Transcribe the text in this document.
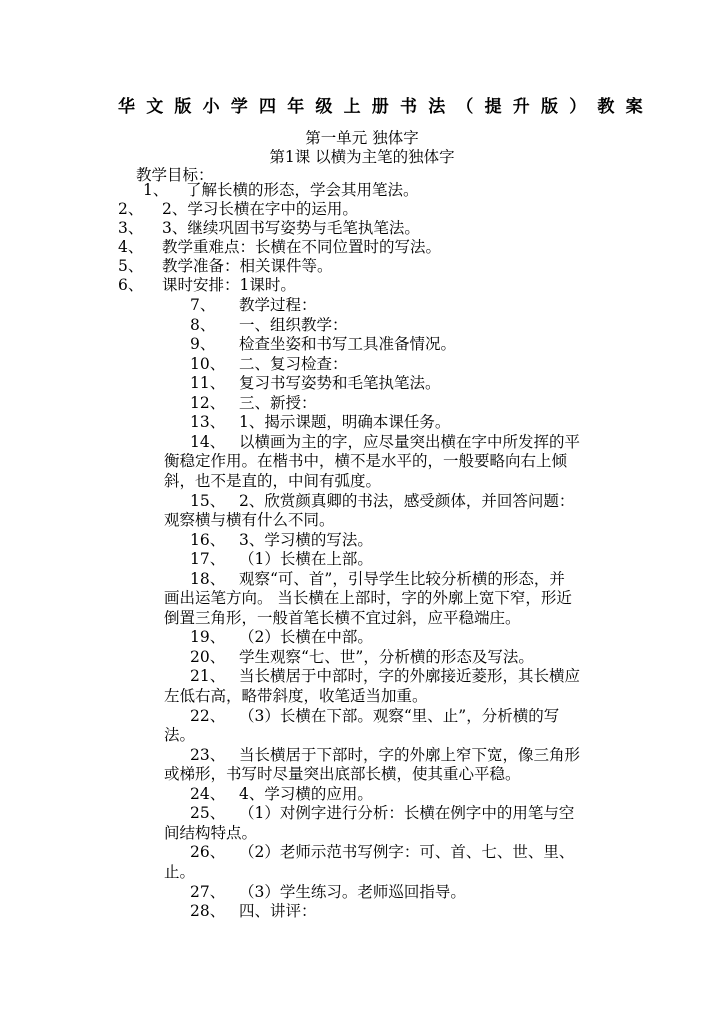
华文版小学四年级上册书法（提升版）教案
第一单元 独体字
第1课 以横为主笔的独体字
教学目标：
1、 了解长横的形态，学会其用笔法。
2、 2、学习长横在字中的运用。
3、 3、继续巩固书写姿势与毛笔执笔法。
4、 教学重难点：长横在不同位置时的写法。
5、 教学准备：相关课件等。
6、 课时安排：1课时。
7、 教学过程：
8、 一、组织教学：
9、 检查坐姿和书写工具准备情况。
10、 二、复习检查：
11、 复习书写姿势和毛笔执笔法。
12、 三、新授：
13、 1、揭示课题，明确本课任务。
14、 以横画为主的字，应尽量突出横在字中所发挥的平
衡稳定作用。在楷书中，横不是水平的，一般要略向右上倾
斜，也不是直的，中间有弧度。
15、 2、欣赏颜真卿的书法，感受颜体，并回答问题：
观察横与横有什么不同。
16、 3、学习横的写法。
17、 （1）长横在上部。
18、 观察“可、首”，引导学生比较分析横的形态，并
画出运笔方向。 当长横在上部时，字的外廓上宽下窄，形近
倒置三角形，一般首笔长横不宜过斜，应平稳端庄。
19、 （2）长横在中部。
20、 学生观察“七、世”，分析横的形态及写法。
21、 当长横居于中部时，字的外廓接近菱形，其长横应
左低右高，略带斜度，收笔适当加重。
22、 （3）长横在下部。观察“里、止”，分析横的写
法。
23、 当长横居于下部时，字的外廓上窄下宽，像三角形
或梯形，书写时尽量突出底部长横，使其重心平稳。
24、 4、学习横的应用。
25、 （1）对例字进行分析：长横在例字中的用笔与空
间结构特点。
26、 （2）老师示范书写例字：可、首、七、世、里、
止。
27、 （3）学生练习。老师巡回指导。
28、 四、讲评：
